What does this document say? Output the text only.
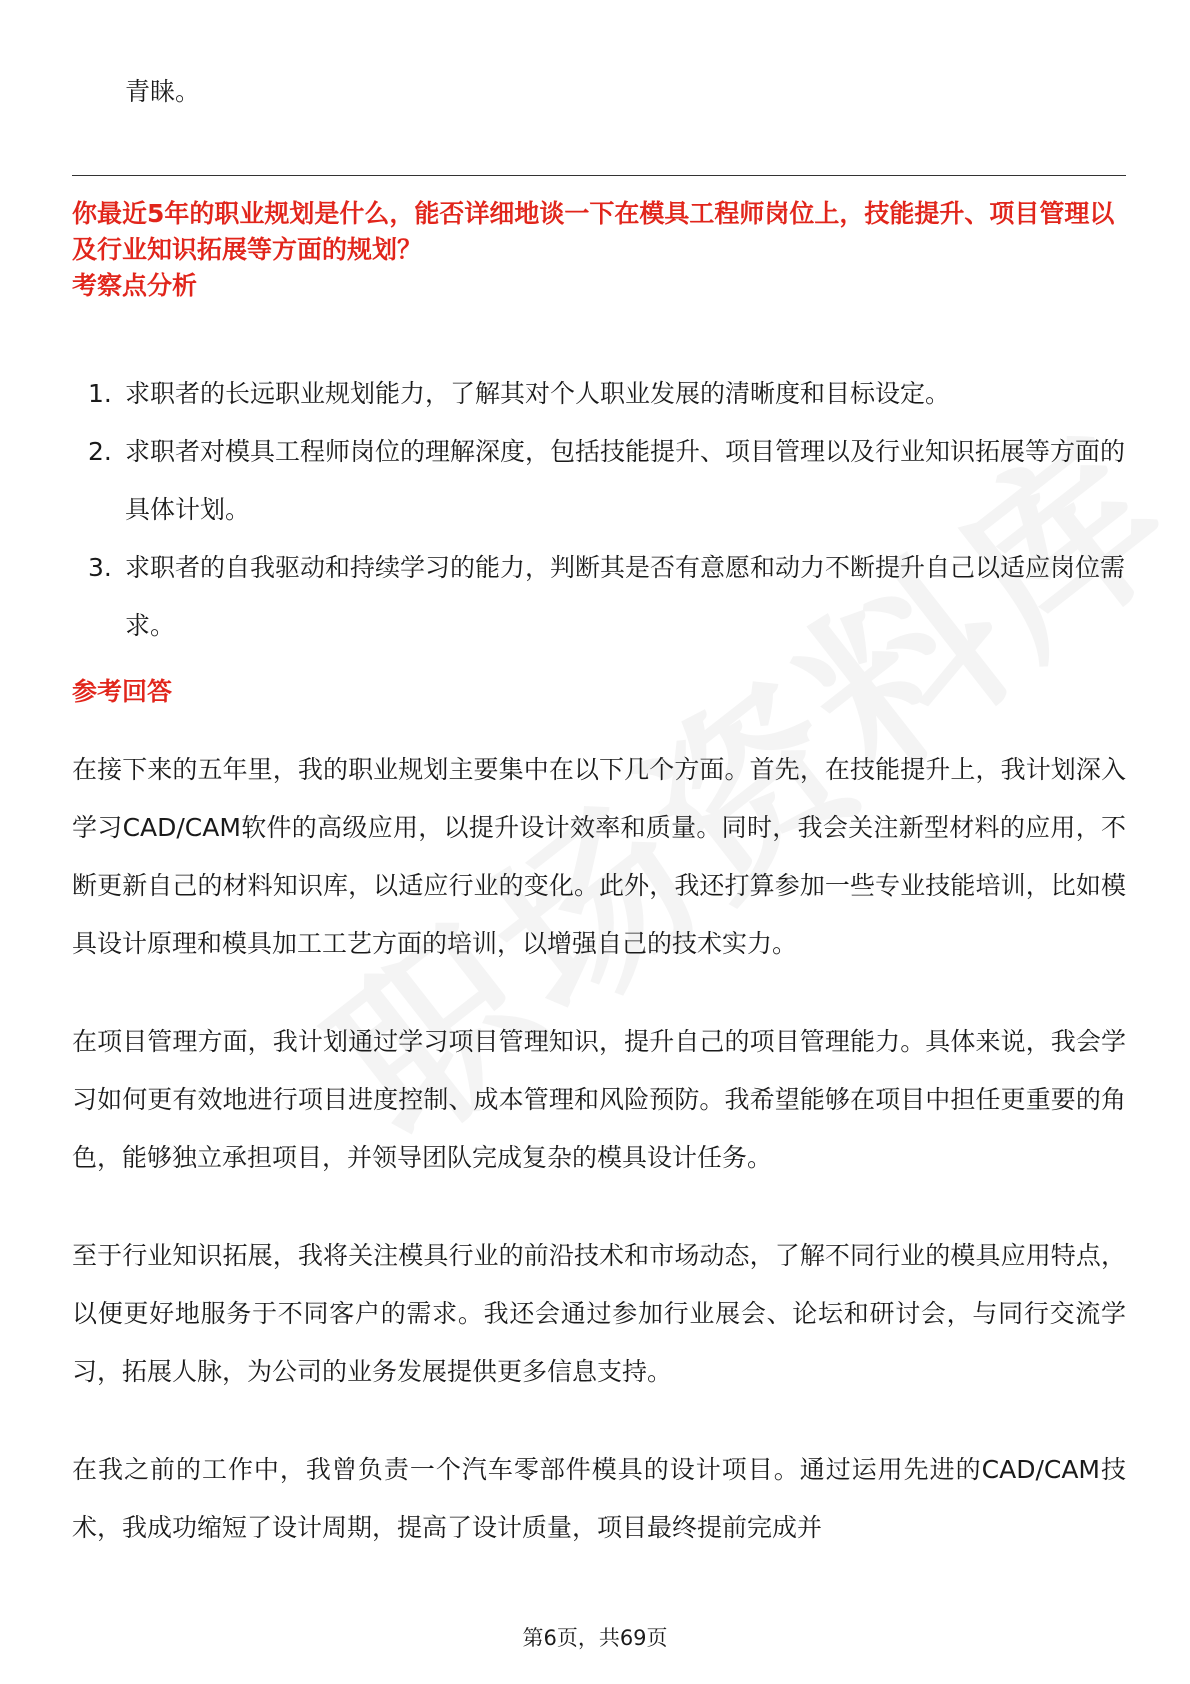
青睐。
你最近5年的职业规划是什么，能否详细地谈一下在模具工程师岗位上，技能提升、项目管理以及行业知识拓展等方面的规划？
考察点分析
1. 求职者的长远职业规划能力，了解其对个人职业发展的清晰度和目标设定。
2. 求职者对模具工程师岗位的理解深度，包括技能提升、项目管理以及行业知识拓展等方面的具体计划。
3. 求职者的自我驱动和持续学习的能力，判断其是否有意愿和动力不断提升自己以适应岗位需求。
参考回答

在接下来的五年里，我的职业规划主要集中在以下几个方面。首先，在技能提升上，我计划深入学习CAD/CAM软件的高级应用，以提升设计效率和质量。同时，我会关注新型材料的应用，不断更新自己的材料知识库，以适应行业的变化。此外，我还打算参加一些专业技能培训，比如模具设计原理和模具加工工艺方面的培训，以增强自己的技术实力。

在项目管理方面，我计划通过学习项目管理知识，提升自己的项目管理能力。具体来说，我会学习如何更有效地进行项目进度控制、成本管理和风险预防。我希望能够在项目中担任更重要的角色，能够独立承担项目，并领导团队完成复杂的模具设计任务。

至于行业知识拓展，我将关注模具行业的前沿技术和市场动态，了解不同行业的模具应用特点，以便更好地服务于不同客户的需求。我还会通过参加行业展会、论坛和研讨会，与同行交流学习，拓展人脉，为公司的业务发展提供更多信息支持。

在我之前的工作中，我曾负责一个汽车零部件模具的设计项目。通过运用先进的CAD/CAM技术，我成功缩短了设计周期，提高了设计质量，项目最终提前完成并

第6页，共69页
